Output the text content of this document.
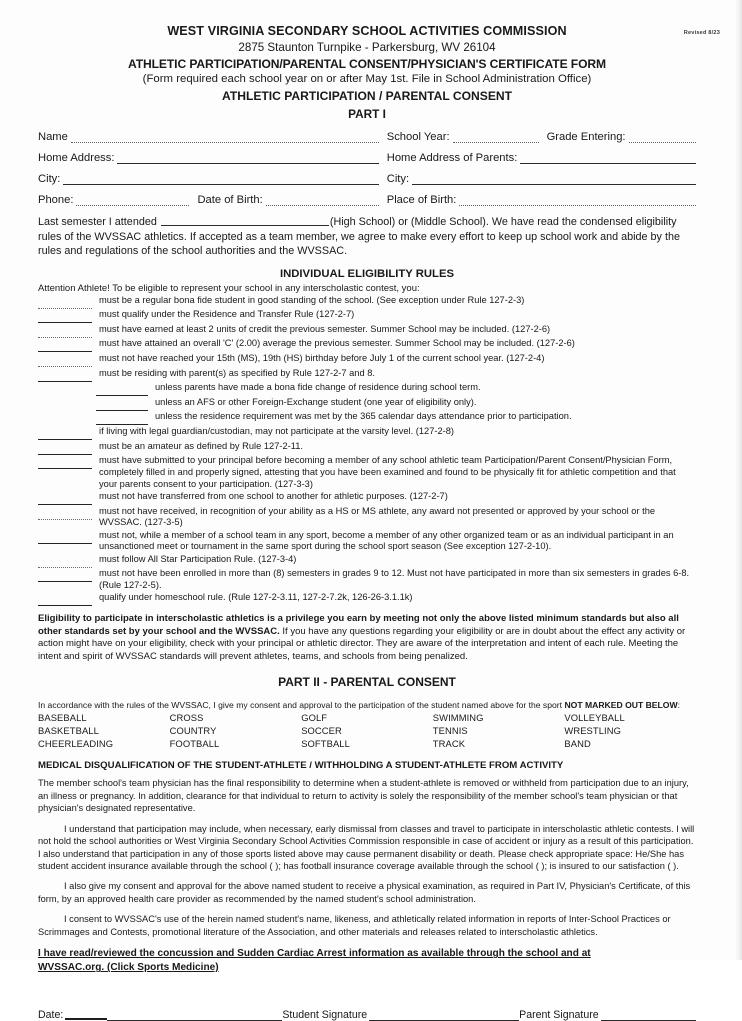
Revised 8/23
WEST VIRGINIA SECONDARY SCHOOL ACTIVITIES COMMISSION
2875 Staunton Turnpike - Parkersburg, WV 26104
ATHLETIC PARTICIPATION/PARENTAL CONSENT/PHYSICIAN'S CERTIFICATE FORM
(Form required each school year on or after May 1st. File in School Administration Office)
ATHLETIC PARTICIPATION / PARENTAL CONSENT
PART I
Name	School Year:	Grade Entering:
Home Address:	Home Address of Parents:
City:	City:
Phone:	Date of Birth:	Place of Birth:

Last semester I attended	(High School) or (Middle School). We have read the condensed eligibility rules of the WVSSAC athletics. If accepted as a team member, we agree to make every effort to keep up school work and abide by the rules and regulations of the school authorities and the WVSSAC.

INDIVIDUAL ELIGIBILITY RULES
Attention Athlete! To be eligible to represent your school in any interscholastic contest, you:
must be a regular bona fide student in good standing of the school. (See exception under Rule 127-2-3)
must qualify under the Residence and Transfer Rule (127-2-7)
must have earned at least 2 units of credit the previous semester. Summer School may be included. (127-2-6)
must have attained an overall 'C' (2.00) average the previous semester. Summer School may be included. (127-2-6)
must not have reached your 15th (MS), 19th (HS) birthday before July 1 of the current school year. (127-2-4)
must be residing with parent(s) as specified by Rule 127-2-7 and 8.
unless parents have made a bona fide change of residence during school term.
unless an AFS or other Foreign-Exchange student (one year of eligibility only).
unless the residence requirement was met by the 365 calendar days attendance prior to participation.
if living with legal guardian/custodian, may not participate at the varsity level. (127-2-8)
must be an amateur as defined by Rule 127-2-11.
must have submitted to your principal before becoming a member of any school athletic team Participation/Parent Consent/Physician Form, completely filled in and properly signed, attesting that you have been examined and found to be physically fit for athletic competition and that your parents consent to your participation. (127-3-3)
must not have transferred from one school to another for athletic purposes. (127-2-7)
must not have received, in recognition of your ability as a HS or MS athlete, any award not presented or approved by your school or the WVSSAC. (127-3-5)
must not, while a member of a school team in any sport, become a member of any other organized team or as an individual participant in an unsanctioned meet or tournament in the same sport during the school sport season (See exception 127-2-10).
must follow All Star Participation Rule. (127-3-4)
must not have been enrolled in more than (8) semesters in grades 9 to 12. Must not have participated in more than six semesters in grades 6-8. (Rule 127-2-5).
qualify under homeschool rule. (Rule 127-2-3.11, 127-2-7.2k, 126-26-3.1.1k)

Eligibility to participate in interscholastic athletics is a privilege you earn by meeting not only the above listed minimum standards but also all other standards set by your school and the WVSSAC. If you have any questions regarding your eligibility or are in doubt about the effect any activity or action might have on your eligibility, check with your principal or athletic director. They are aware of the interpretation and intent of each rule. Meeting the intent and spirit of WVSSAC standards will prevent athletes, teams, and schools from being penalized.

PART II - PARENTAL CONSENT

In accordance with the rules of the WVSSAC, I give my consent and approval to the participation of the student named above for the sport NOT MARKED OUT BELOW:

BASEBALL	CROSS	GOLF	SWIMMING	VOLLEYBALL
BASKETBALL	COUNTRY	SOCCER	TENNIS	WRESTLING
CHEERLEADING	FOOTBALL	SOFTBALL	TRACK	BAND
MEDICAL DISQUALIFICATION OF THE STUDENT-ATHLETE / WITHHOLDING A STUDENT-ATHLETE FROM ACTIVITY

The member school's team physician has the final responsibility to determine when a student-athlete is removed or withheld from participation due to an injury, an illness or pregnancy. In addition, clearance for that individual to return to activity is solely the responsibility of the member school's team physician or that physician's designated representative.

I understand that participation may include, when necessary, early dismissal from classes and travel to participate in interscholastic athletic contests. I will not hold the school authorities or West Virginia Secondary School Activities Commission responsible in case of accident or injury as a result of this participation. I also understand that participation in any of those sports listed above may cause permanent disability or death. Please check appropriate space: He/She has student accident insurance available through the school ( ); has football insurance coverage available through the school ( ); is insured to our satisfaction ( ).

I also give my consent and approval for the above named student to receive a physical examination, as required in Part IV, Physician's Certificate, of this form, by an approved health care provider as recommended by the named student's school administration.

I consent to WVSSAC's use of the herein named student's name, likeness, and athletically related information in reports of Inter-School Practices or Scrimmages and Contests, promotional literature of the Association, and other materials and releases related to interscholastic athletics.

I have read/reviewed the concussion and Sudden Cardiac Arrest information as available through the school and at
WVSSAC.org. (Click Sports Medicine)

Date:	Student Signature	Parent Signature
